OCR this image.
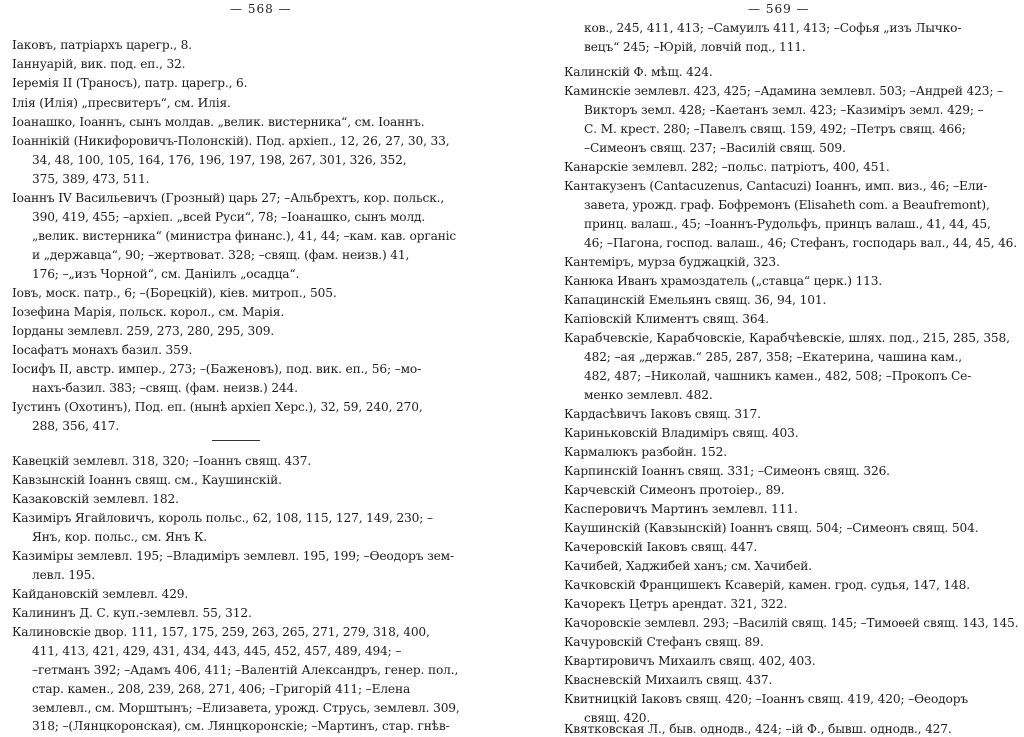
— 568 —
Іаковъ, патріархъ царегр., 8.
Іаннуарій, вик. под. еп., 32.
Іеремія II (Траносъ), патр. царегр., 6.
Ілія (Илія) „пресвитеръ“, см. Илія.
Іоанашко, Іоаннъ, сынъ молдав. „велик. вистерника“, см. Іоаннъ.
Іоаннікій (Никифоровичъ-Полонскій). Под. архіеп., 12, 26, 27, 30, 33,
34, 48, 100, 105, 164, 176, 196, 197, 198, 267, 301, 326, 352,
375, 389, 473, 511.
Іоаннъ IV Васильевичъ (Грозный) царь 27; –Альбрехтъ, кор. польск.,
390, 419, 455; –архіеп. „всей Руси“, 78; –Іоанашко, сынъ молд.
„велик. вистерника“ (министра финанс.), 41, 44; –кам. кав. органіс
и „державца“, 90; –жертвоват. 328; –свящ. (фам. неизв.) 41,
176; –„изъ Чорной“, см. Даніилъ „осадца“.
Іовъ, моск. патр., 6; –(Борецкій), кіев. митроп., 505.
Іозефина Марія, польск. корол., см. Марія.
Іорданы землевл. 259, 273, 280, 295, 309.
Іосафатъ монахъ базил. 359.
Іосифъ II, австр. импер., 273; –(Баженовъ), под. вик. еп., 56; –мо-
нахъ-базил. 383; –свящ. (фам. неизв.) 244.
Іустинъ (Охотинъ), Под. еп. (нынѣ архіеп Херс.), 32, 59, 240, 270,
288, 356, 417.
Кавецкій землевл. 318, 320; –Іоаннъ свящ. 437.
Кавзынскій Іоаннъ свящ. см., Каушинскій.
Казаковскій землевл. 182.
Казиміръ Ягайловичъ, король польс., 62, 108, 115, 127, 149, 230; –
Янъ, кор. польс., см. Янъ К.
Казиміры землевл. 195; –Владиміръ землевл. 195, 199; –Ѳеодоръ зем-
левл. 195.
Кайдановскій землевл. 429.
Калининъ Д. С. куп.-землевл. 55, 312.
Калиновскіе двор. 111, 157, 175, 259, 263, 265, 271, 279, 318, 400,
411, 413, 421, 429, 431, 434, 443, 445, 452, 457, 489, 494; –
–гетманъ 392; –Адамъ 406, 411; –Валентій Александръ, генер. пол.,
стар. камен., 208, 239, 268, 271, 406; –Григорій 411; –Елена
землевл., см. Морштынъ; –Елизавета, урожд. Струсь, землевл. 309,
318; –(Лянцкоронская), см. Лянцкоронскіе; –Мартинъ, стар. гнѣв-
— 569 —
ков., 245, 411, 413; –Самуилъ 411, 413; –Софья „изъ Лычко-
вецъ“ 245; –Юрій, ловчій под., 111.
Калинскій Ф. мѣщ. 424.
Каминскіе землевл. 423, 425; –Адамина землевл. 503; –Андрей 423; –
Викторъ земл. 428; –Каетанъ земл. 423; –Казиміръ земл. 429; –
С. М. крест. 280; –Павелъ свящ. 159, 492; –Петръ свящ. 466;
–Симеонъ свящ. 237; –Василій свящ. 509.
Канарскіе землевл. 282; –польс. патріотъ, 400, 451.
Кантакузенъ (Cantacuzenus, Cantacuzi) Іоаннъ, имп. виз., 46; –Ели-
завета, урожд. граф. Бофремонъ (Elisaheth com. a Beaufremont),
принц. валаш., 45; –Іоаннъ-Рудольфъ, принцъ валаш., 41, 44, 45,
46; –Пагона, господ. валаш., 46; Стефанъ, господарь вал., 44, 45, 46.
Кантеміръ, мурза буджацкій, 323.
Канюка Иванъ храмоздатель („ставца“ церк.) 113.
Капацинскій Емельянъ свящ. 36, 94, 101.
Капіовскій Климентъ свящ. 364.
Карабчевскіе, Карабчовскіе, Карабчѣевскіе, шлях. под., 215, 285, 358,
482; –ая „держав.“ 285, 287, 358; –Екатерина, чашина кам.,
482, 487; –Николай, чашникъ камен., 482, 508; –Прокопъ Се-
менко землевл. 482.
Кардасѣвичъ Іаковъ свящ. 317.
Кариньковскій Владиміръ свящ. 403.
Кармалюкъ разбойн. 152.
Карпинскій Іоаннъ свящ. 331; –Симеонъ свящ. 326.
Карчевскій Симеонъ протоіер., 89.
Касперовичъ Мартинъ землевл. 111.
Каушинскій (Кавзынскій) Іоаннъ свящ. 504; –Симеонъ свящ. 504.
Качеровскій Іаковъ свящ. 447.
Качибей, Хаджибей ханъ; см. Хачибей.
Качковскій Францишекъ Ксаверій, камен. грод. судья, 147, 148.
Качорекъ Цетръ арендат. 321, 322.
Качоровскіе землевл. 293; –Василій свящ. 145; –Тимоѳей свящ. 143, 145.
Качуровскій Стефанъ свящ. 89.
Квартировичъ Михаилъ свящ. 402, 403.
Квасневскій Михаилъ свящ. 437.
Квитницкій Іаковъ свящ. 420; –Іоаннъ свящ. 419, 420; –Ѳеодоръ
свящ. 420.
Квятковская Л., быв. однодв., 424; –ій Ф., бывш. однодв., 427.
